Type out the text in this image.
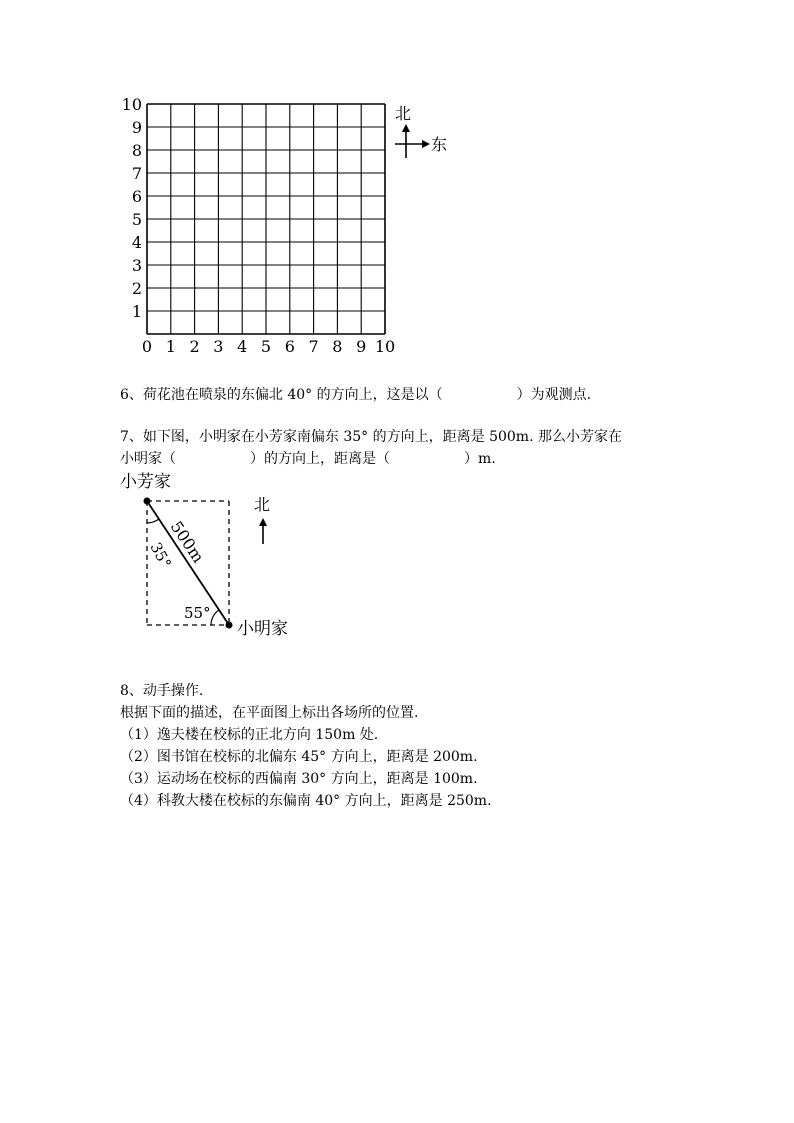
0 1 2 3 4 5 6 7 8 9 10
1
2
3
4
5
6
7
8
9
10	北
东
6、荷花池在喷泉的东偏北 40° 的方向上，这是以（	）为观测点.
7、如下图，小明家在小芳家南偏东 35° 的方向上，距离是 500m. 那么小芳家在
小明家（	）的方向上，距离是（	）m.
小芳家
500m
35°
55°
小明家
北
8、动手操作.
根据下面的描述，在平面图上标出各场所的位置.
（1）逸夫楼在校标的正北方向 150m 处.
（2）图书馆在校标的北偏东 45° 方向上，距离是 200m.
（3）运动场在校标的西偏南 30° 方向上，距离是 100m.
（4）科教大楼在校标的东偏南 40° 方向上，距离是 250m.
